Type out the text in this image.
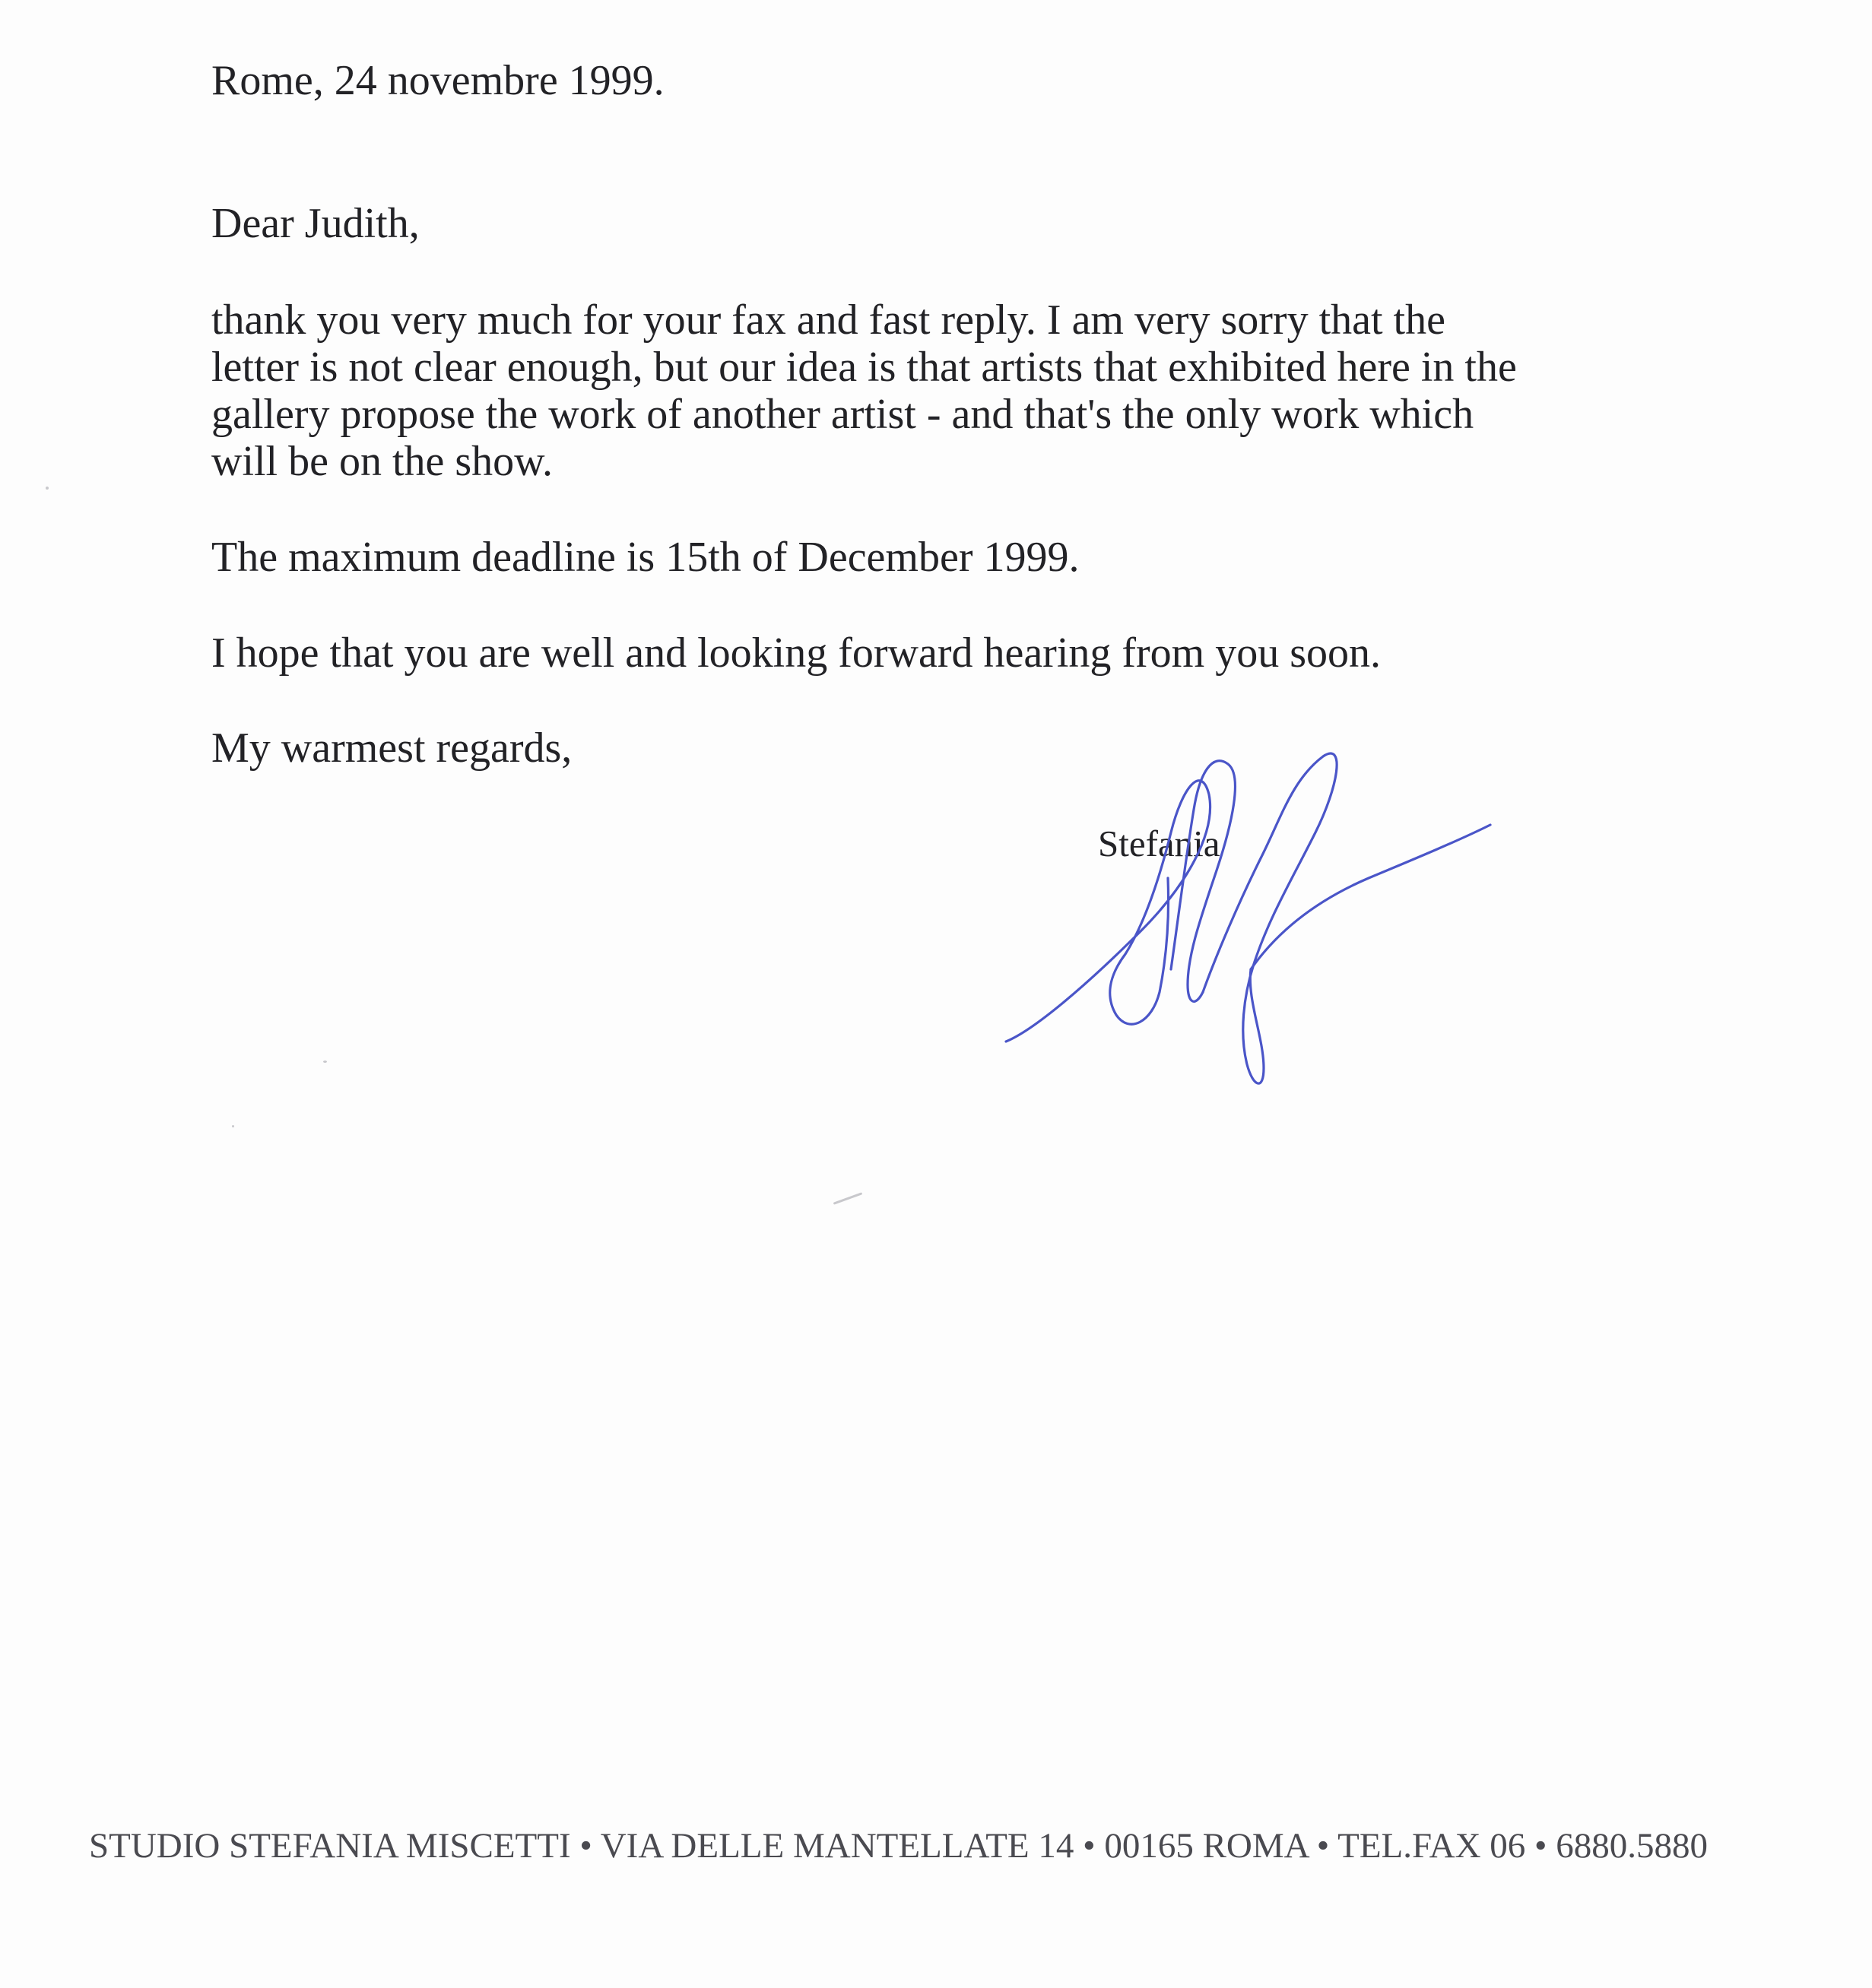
Rome, 24 novembre 1999.
Dear Judith,
thank you very much for your fax and fast reply. I am very sorry that the
letter is not clear enough, but our idea is that artists that exhibited here in the
gallery propose the work of another artist - and that's the only work which
will be on the show.
The maximum deadline is 15th of December 1999.
I hope that you are well and looking forward hearing from you soon.
My warmest regards,
Stefania
STUDIO STEFANIA MISCETTI • VIA DELLE MANTELLATE 14 • 00165 ROMA • TEL.FAX 06 • 6880.5880
